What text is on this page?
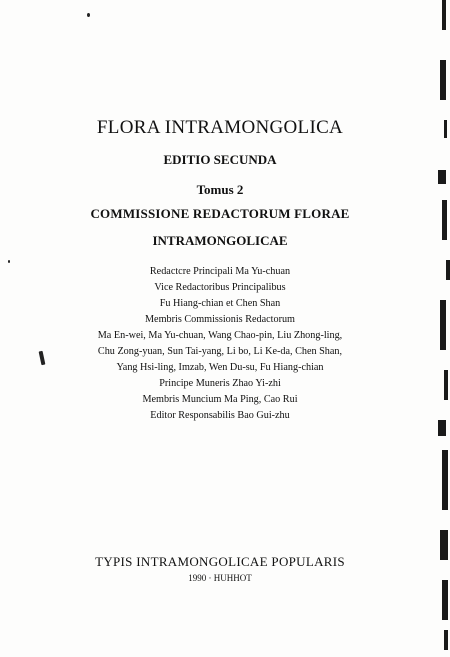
FLORA INTRAMONGOLICA
EDITIO SECUNDA
Tomus 2
COMMISSIONE REDACTORUM FLORAE
INTRAMONGOLICAE
Redactcre Principali Ma Yu-chuan
Vice Redactoribus Principalibus
Fu Hiang-chian et Chen Shan
Membris Commissionis Redactorum
Ma En-wei, Ma Yu-chuan, Wang Chao-pin, Liu Zhong-ling,
Chu Zong-yuan, Sun Tai-yang, Li bo, Li Ke-da, Chen Shan,
Yang Hsi-ling, Imzab, Wen Du-su, Fu Hiang-chian
Principe Muneris Zhao Yi-zhi
Membris Muncium Ma Ping, Cao Rui
Editor Responsabilis Bao Gui-zhu
TYPIS INTRAMONGOLICAE POPULARIS
1990 · HUHHOT
